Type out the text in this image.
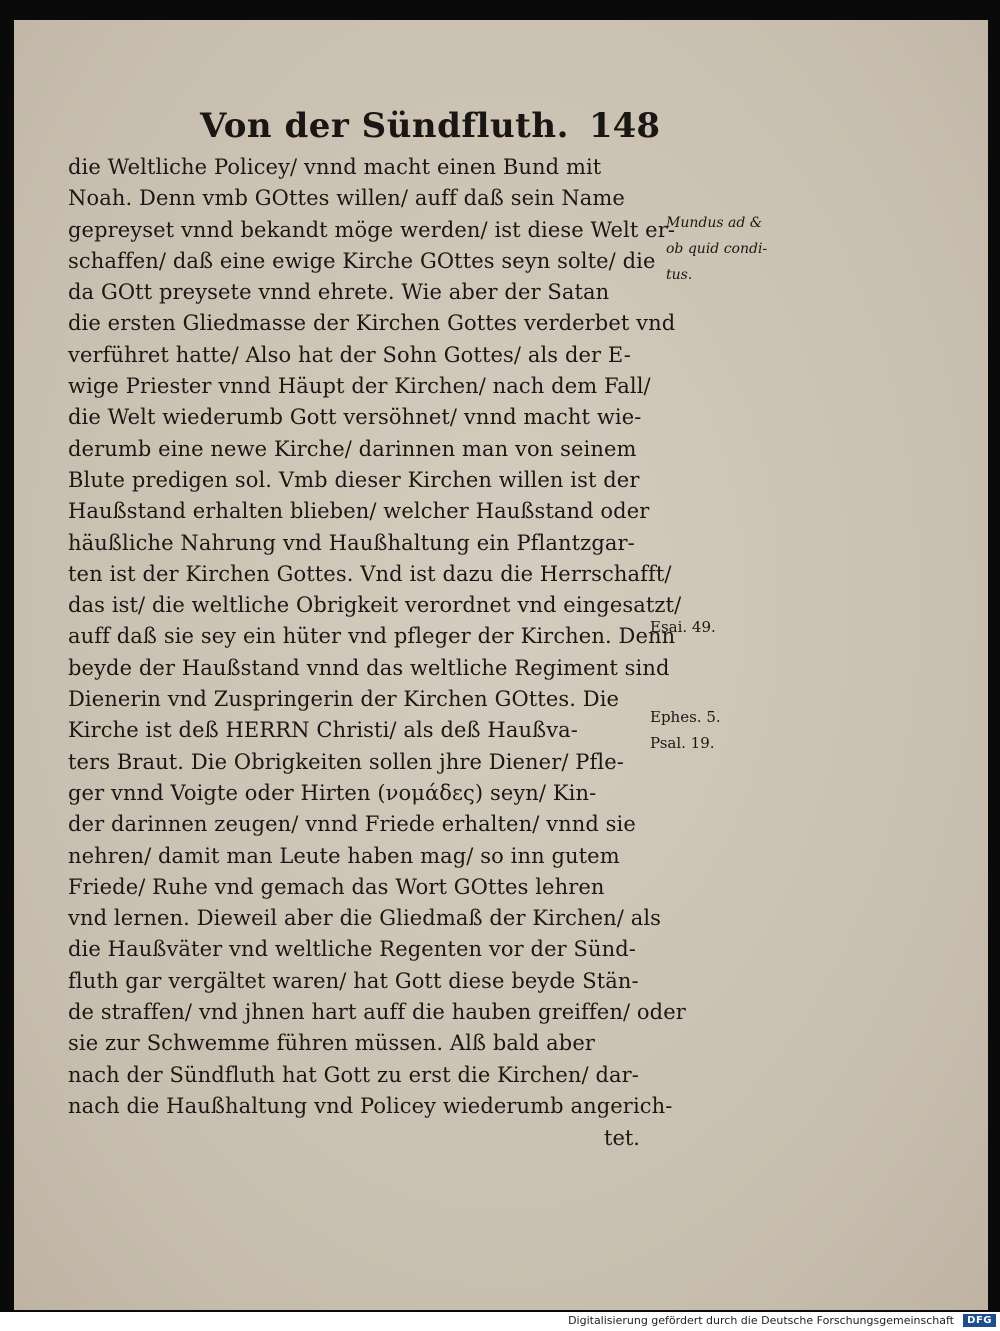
Von der Sündfluth. 148
die Weltliche Policey/ vnnd macht einen Bund mit
Noah. Denn vmb GOttes willen/ auff daß sein Name
gepreyset vnnd bekandt möge werden/ ist diese Welt er-
schaffen/ daß eine ewige Kirche GOttes seyn solte/ die
da GOtt preysete vnnd ehrete. Wie aber der Satan
die ersten Gliedmasse der Kirchen Gottes verderbet vnd
verführet hatte/ Also hat der Sohn Gottes/ als der E-
wige Priester vnnd Häupt der Kirchen/ nach dem Fall/
die Welt wiederumb Gott versöhnet/ vnnd macht wie-
derumb eine newe Kirche/ darinnen man von seinem
Blute predigen sol. Vmb dieser Kirchen willen ist der
Haußstand erhalten blieben/ welcher Haußstand oder
häußliche Nahrung vnd Haußhaltung ein Pflantzgar-
ten ist der Kirchen Gottes. Vnd ist dazu die Herrschafft/
das ist/ die weltliche Obrigkeit verordnet vnd eingesatzt/
auff daß sie sey ein hüter vnd pfleger der Kirchen. Denn
beyde der Haußstand vnnd das weltliche Regiment sind
Dienerin vnd Zuspringerin der Kirchen GOttes. Die
Kirche ist deß HERRN Christi/ als deß Haußva-
ters Braut. Die Obrigkeiten sollen jhre Diener/ Pfle-
ger vnnd Voigte oder Hirten (νομάδες) seyn/ Kin-
der darinnen zeugen/ vnnd Friede erhalten/ vnnd sie
nehren/ damit man Leute haben mag/ so inn gutem
Friede/ Ruhe vnd gemach das Wort GOttes lehren
vnd lernen. Dieweil aber die Gliedmaß der Kirchen/ als
die Haußväter vnd weltliche Regenten vor der Sünd-
fluth gar vergältet waren/ hat Gott diese beyde Stän-
de straffen/ vnd jhnen hart auff die hauben greiffen/ oder
sie zur Schwemme führen müssen. Alß bald aber
nach der Sündfluth hat Gott zu erst die Kirchen/ dar-
nach die Haußhaltung vnd Policey wiederumb angerich-
tet.
Mundus ad &
ob quid condi-
tus.
Esai. 49.
Ephes. 5.
Psal. 19.
Digitalisierung gefördert durch die Deutsche Forschungsgemeinschaft	DFG
